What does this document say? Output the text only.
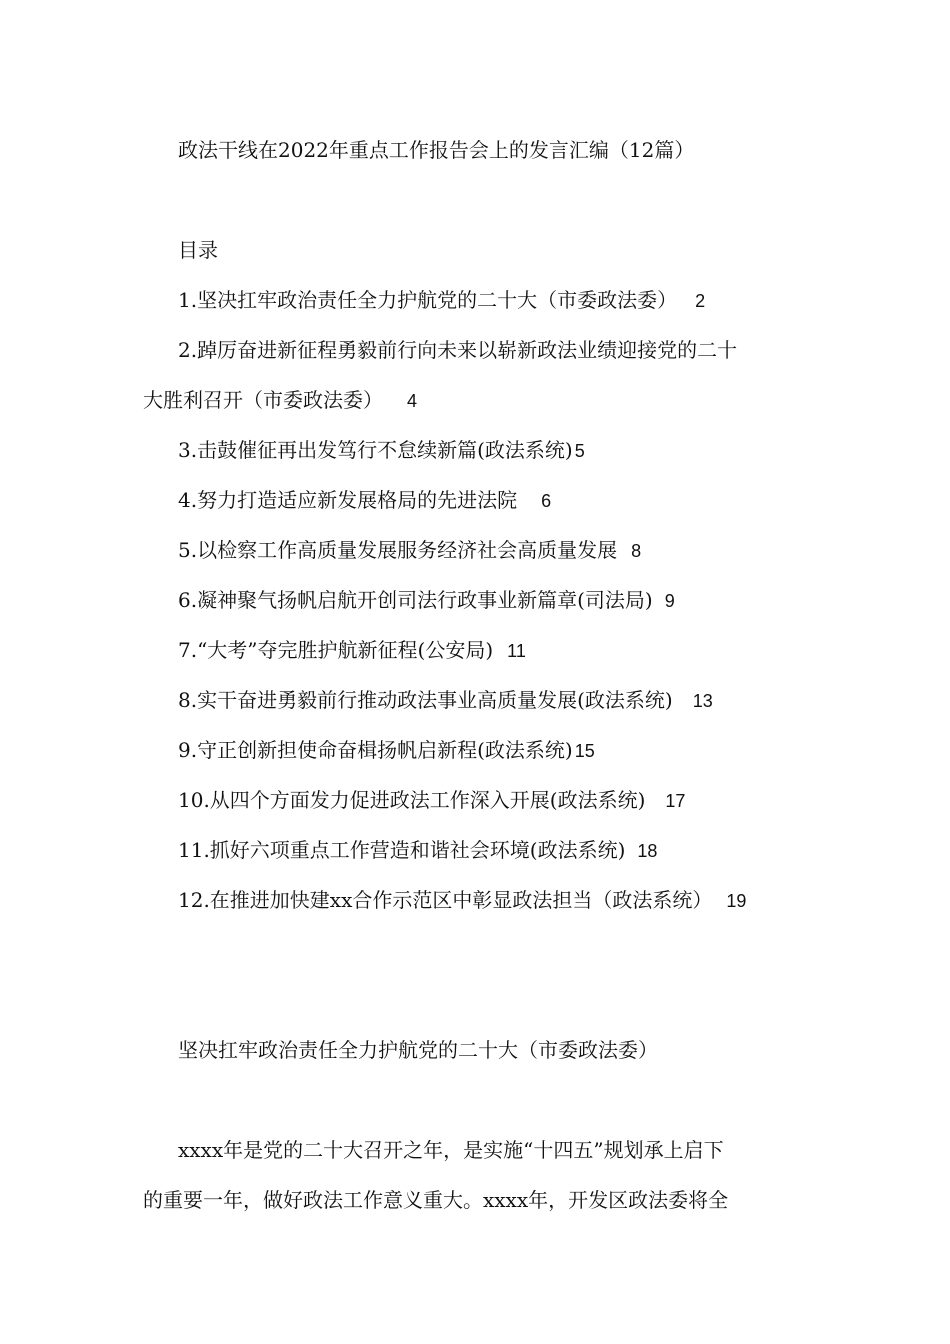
政法干线在2022年重点工作报告会上的发言汇编（12篇）
目录
1.坚决扛牢政治责任全力护航党的二十大（市委政法委） 2
2.踔厉奋进新征程勇毅前行向未来以崭新政法业绩迎接党的二十
大胜利召开（市委政法委） 4
3.击鼓催征再出发笃行不怠续新篇(政法系统) 5
4.努力打造适应新发展格局的先进法院 6
5.以检察工作高质量发展服务经济社会高质量发展 8
6.凝神聚气扬帆启航开创司法行政事业新篇章(司法局) 9
7.“大考”夺完胜护航新征程(公安局) 11
8.实干奋进勇毅前行推动政法事业高质量发展(政法系统) 13
9.守正创新担使命奋楫扬帆启新程(政法系统) 15
10.从四个方面发力促进政法工作深入开展(政法系统) 17
11.抓好六项重点工作营造和谐社会环境(政法系统) 18
12.在推进加快建xx合作示范区中彰显政法担当（政法系统） 19
坚决扛牢政治责任全力护航党的二十大（市委政法委）
xxxx年是党的二十大召开之年，是实施“十四五”规划承上启下
的重要一年，做好政法工作意义重大。xxxx年，开发区政法委将全
